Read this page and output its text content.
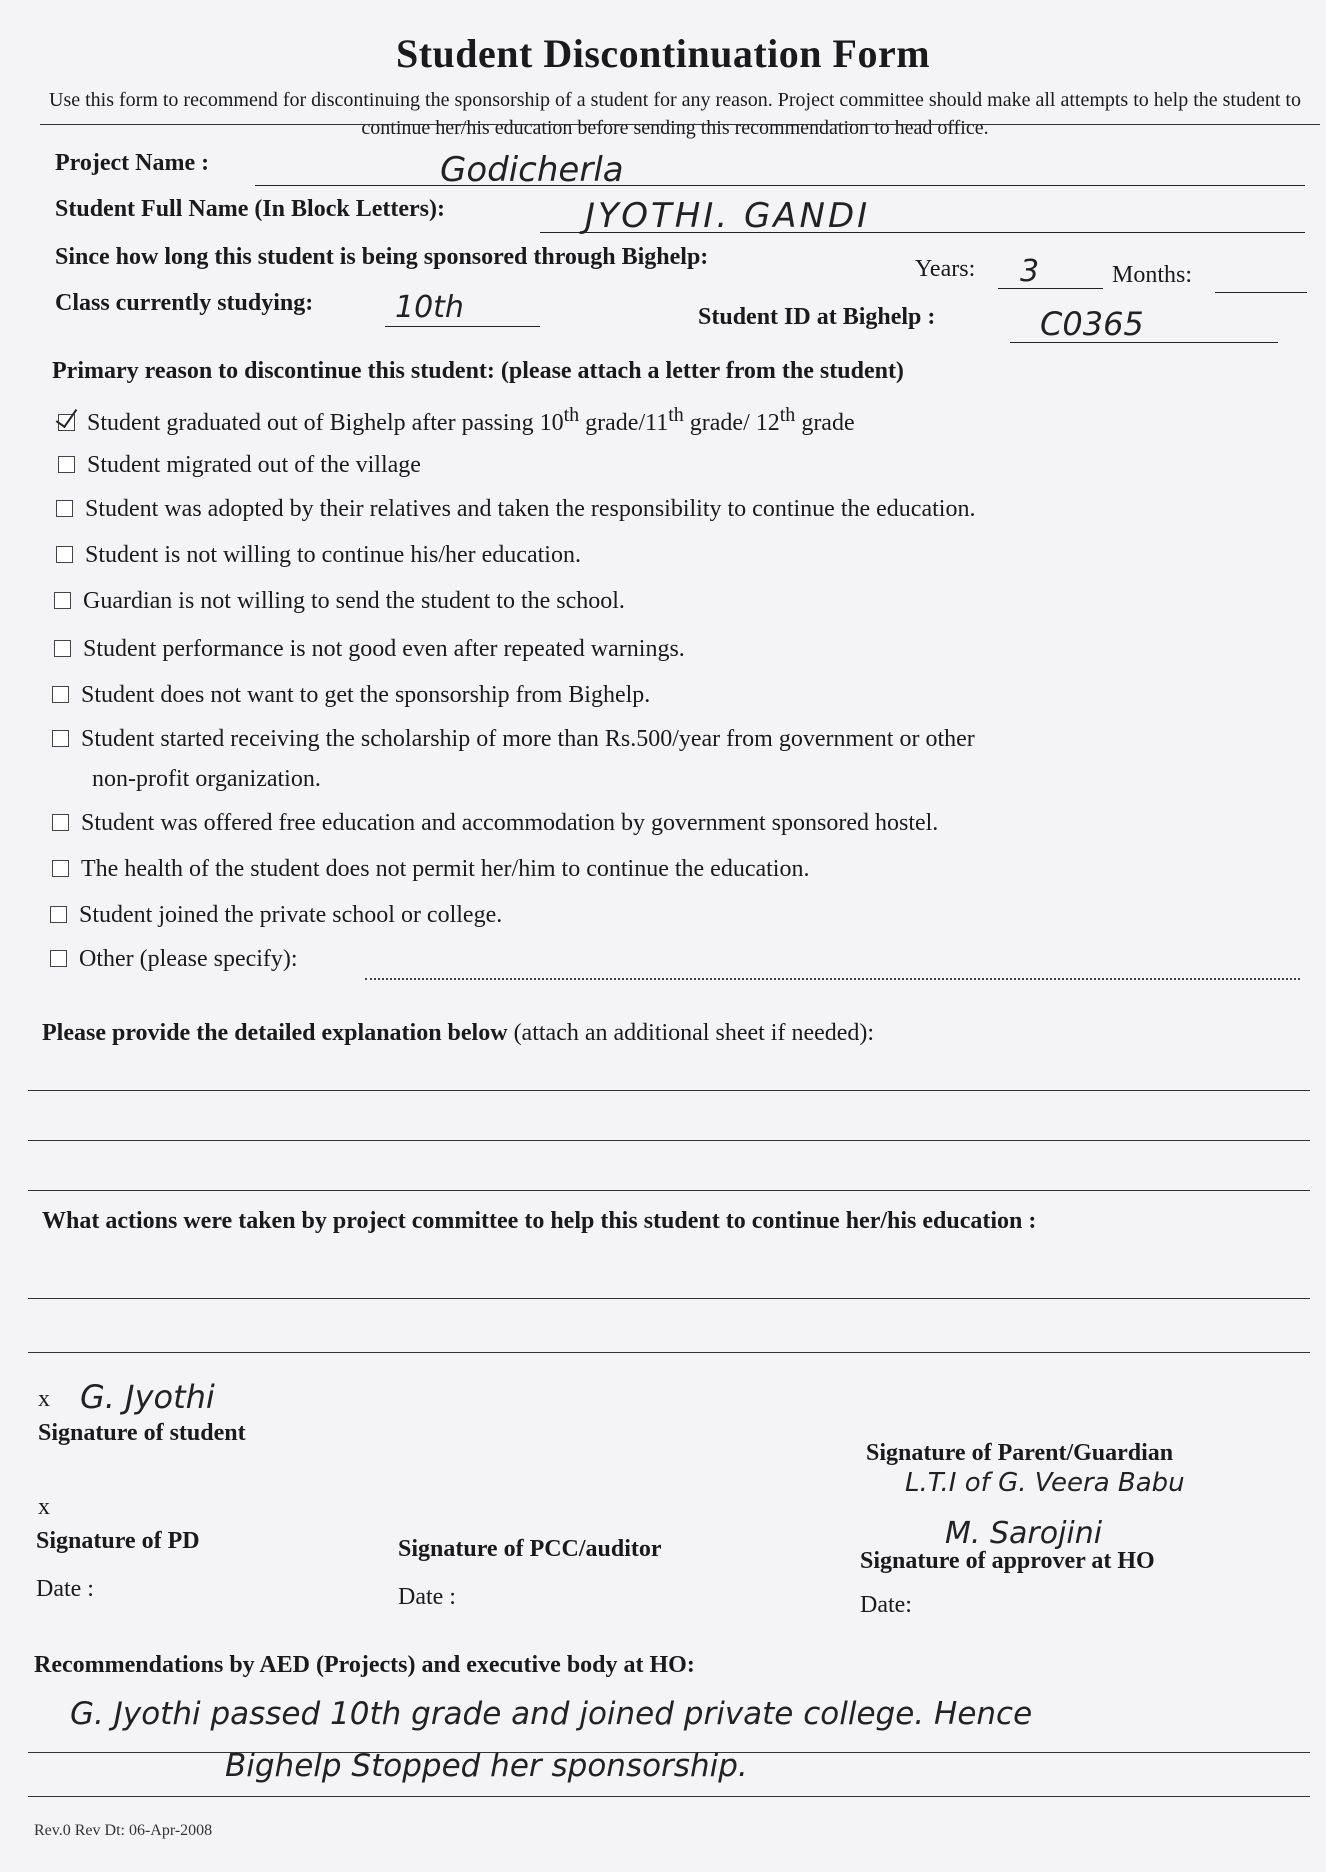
Student Discontinuation Form
Use this form to recommend for discontinuing the sponsorship of a student for any reason. Project committee should make all attempts to help the student to continue her/his education before sending this recommendation to head office.
Project Name :	Godicherla
Student Full Name (In Block Letters):	JYOTHI. GANDI
Since how long this student is being sponsored through Bighelp:	Years: 3	Months:
Class currently studying:	10th	Student ID at Bighelp :	C0365
Primary reason to discontinue this student: (please attach a letter from the student)
Student graduated out of Bighelp after passing 10th grade/11th grade/ 12th grade
Student migrated out of the village
Student was adopted by their relatives and taken the responsibility to continue the education.
Student is not willing to continue his/her education.
Guardian is not willing to send the student to the school.
Student performance is not good even after repeated warnings.
Student does not want to get the sponsorship from Bighelp.
Student started receiving the scholarship of more than Rs.500/year from government or other
non-profit organization.
Student was offered free education and accommodation by government sponsored hostel.
The health of the student does not permit her/him to continue the education.
Student joined the private school or college.
Other (please specify):
Please provide the detailed explanation below (attach an additional sheet if needed):
What actions were taken by project committee to help this student to continue her/his education :
x G. Jyothi
Signature of student
Signature of Parent/Guardian
L.T.I of G. Veera Babu
x
Signature of PD
Date :
Signature of PCC/auditor
Date :
M. Sarojini
Signature of approver at HO
Date:
Recommendations by AED (Projects) and executive body at HO:
G. Jyothi passed 10th grade and joined private college. Hence
Bighelp Stopped her sponsorship.
Rev.0 Rev Dt: 06-Apr-2008
